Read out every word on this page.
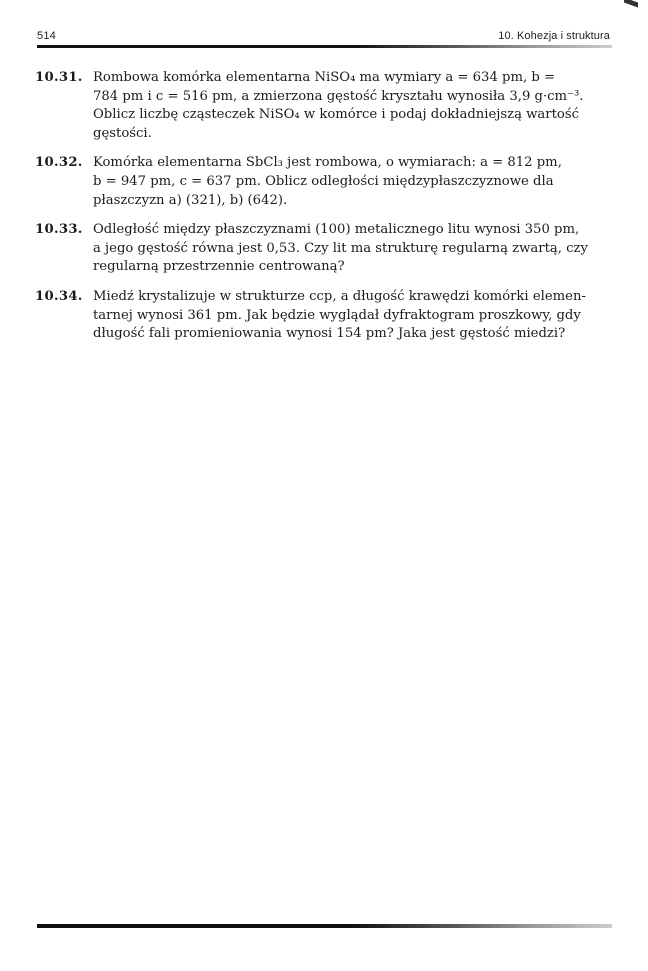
514	10. Kohezja i struktura
10.31. Rombowa komórka elementarna NiSO₄ ma wymiary a = 634 pm, b =
784 pm i c = 516 pm, a zmierzona gęstość kryształu wynosiła 3,9 g·cm⁻³.
Oblicz liczbę cząsteczek NiSO₄ w komórce i podaj dokładniejszą wartość
gęstości.
10.32. Komórka elementarna SbCl₃ jest rombowa, o wymiarach: a = 812 pm,
b = 947 pm, c = 637 pm. Oblicz odległości międzypłaszczyznowe dla
płaszczyzn a) (321), b) (642).
10.33. Odległość między płaszczyznami (100) metalicznego litu wynosi 350 pm,
a jego gęstość równa jest 0,53. Czy lit ma strukturę regularną zwartą, czy
regularną przestrzennie centrowaną?
10.34. Miedź krystalizuje w strukturze ccp, a długość krawędzi komórki elemen-
tarnej wynosi 361 pm. Jak będzie wyglądał dyfraktogram proszkowy, gdy
długość fali promieniowania wynosi 154 pm? Jaka jest gęstość miedzi?
